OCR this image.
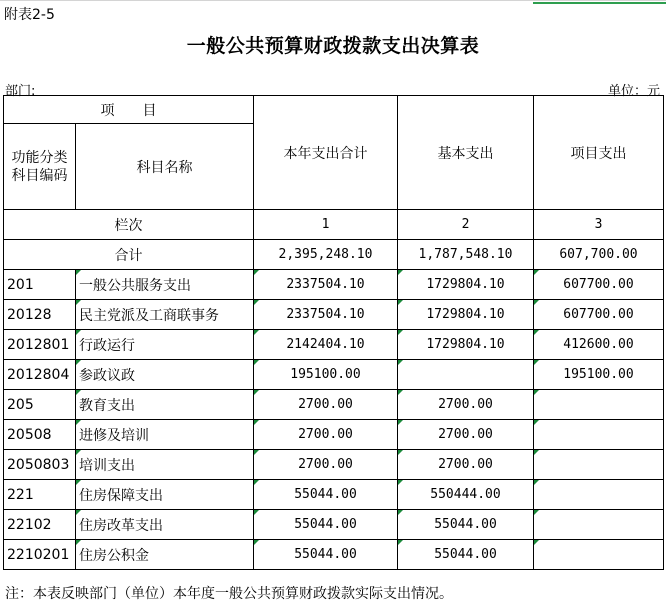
附表2-5
一般公共预算财政拨款支出决算表
部门:	单位：元
项　　目		本年支出合计	基本支出	项目支出
功能分类科目编码	科目名称			
栏次		1	2	3
合计		2,395,248.10	1,787,548.10	607,700.00
201	一般公共服务支出	2337504.10	1729804.10	607700.00
20128	民主党派及工商联事务	2337504.10	1729804.10	607700.00
2012801	行政运行	2142404.10	1729804.10	412600.00
2012804	参政议政	195100.00		195100.00
205	教育支出	2700.00	2700.00	
20508	进修及培训	2700.00	2700.00	
2050803	培训支出	2700.00	2700.00	
221	住房保障支出	55044.00	550444.00	
22102	住房改革支出	55044.00	55044.00	
2210201	住房公积金	55044.00	55044.00	
注：本表反映部门（单位）本年度一般公共预算财政拨款实际支出情况。
